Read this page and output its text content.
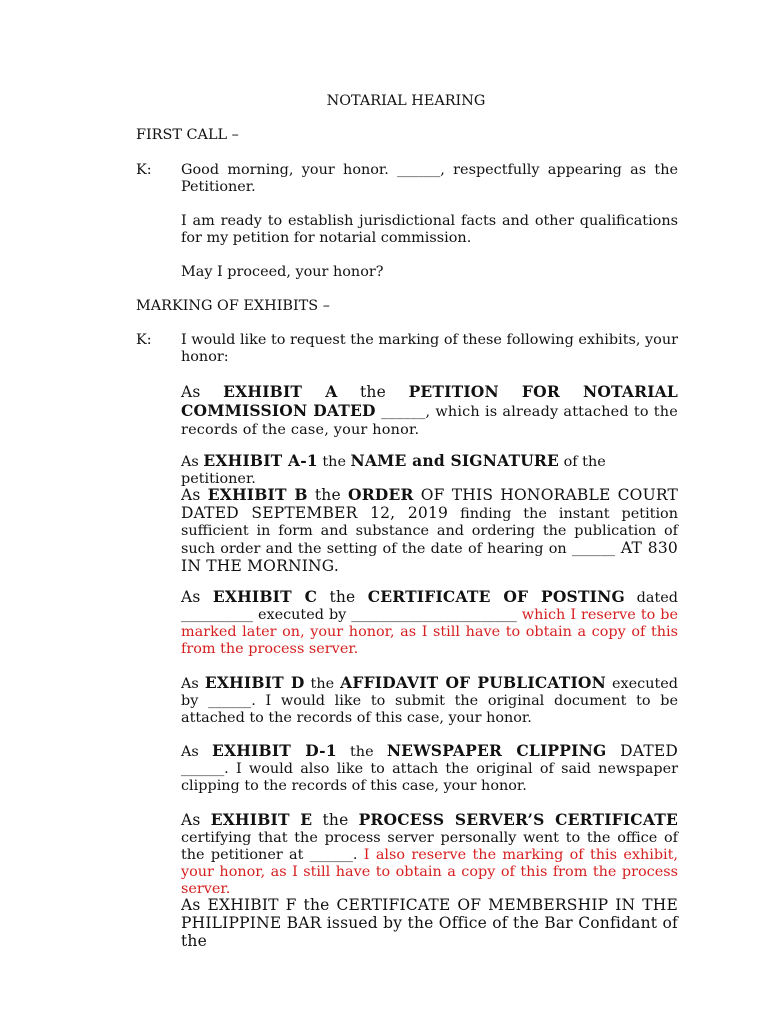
NOTARIAL HEARING
FIRST CALL –
K: Good morning, your honor. ______, respectfully appearing as the Petitioner.
I am ready to establish jurisdictional facts and other qualifications for my petition for notarial commission.
May I proceed, your honor?
MARKING OF EXHIBITS –
K: I would like to request the marking of these following exhibits, your honor:
As EXHIBIT A the PETITION FOR NOTARIAL COMMISSION DATED ______, which is already attached to the records of the case, your honor.
As EXHIBIT A-1 the NAME and SIGNATURE of the petitioner.
As EXHIBIT B the ORDER OF THIS HONORABLE COURT DATED SEPTEMBER 12, 2019 finding the instant petition sufficient in form and substance and ordering the publication of such order and the setting of the date of hearing on ______ AT 830 IN THE MORNING.
As EXHIBIT C the CERTIFICATE OF POSTING dated __________ executed by _______________________ which I reserve to be marked later on, your honor, as I still have to obtain a copy of this from the process server.
As EXHIBIT D the AFFIDAVIT OF PUBLICATION executed by ______. I would like to submit the original document to be attached to the records of this case, your honor.
As EXHIBIT D-1 the NEWSPAPER CLIPPING DATED ______. I would also like to attach the original of said newspaper clipping to the records of this case, your honor.
As EXHIBIT E the PROCESS SERVER’S CERTIFICATE certifying that the process server personally went to the office of the petitioner at ______. I also reserve the marking of this exhibit, your honor, as I still have to obtain a copy of this from the process server.
As EXHIBIT F the CERTIFICATE OF MEMBERSHIP IN THE PHILIPPINE BAR issued by the Office of the Bar Confidant of the
